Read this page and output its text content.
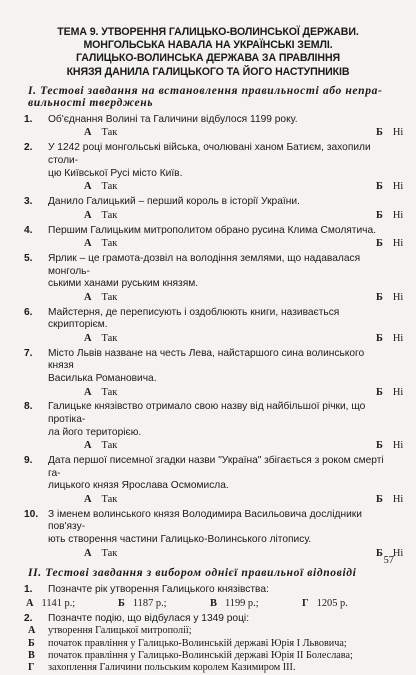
ТЕМА 9. УТВОРЕННЯ ГАЛИЦЬКО-ВОЛИНСЬКОЇ ДЕРЖАВИ.
МОНГОЛЬСЬКА НАВАЛА НА УКРАЇНСЬКІ ЗЕМЛІ.
ГАЛИЦЬКО-ВОЛИНСЬКА ДЕРЖАВА ЗА ПРАВЛІННЯ
КНЯЗЯ ДАНИЛА ГАЛИЦЬКОГО ТА ЙОГО НАСТУПНИКІВ
I. Тестові завдання на встановлення правильності або непра-
вильності тверджень
1.	Об'єднання Волині та Галичини відбулося 1199 року.
А Так	Б Ні
2.	У 1242 році монгольські війська, очолювані ханом Батиєм, захопили столи-
цю Київської Русі місто Київ.
А Так	Б Ні
3.	Данило Галицький – перший король в історії України.
А Так	Б Ні
4.	Першим Галицьким митрополитом обрано русина Клима Смолятича.
А Так	Б Ні
5.	Ярлик – це грамота-дозвіл на володіння землями, що надавалася монголь-
ськими ханами руським князям.
А Так	Б Ні
6.	Майстерня, де переписують і оздоблюють книги, називається скрипторієм.
А Так	Б Ні
7.	Місто Львів назване на честь Лева, найстаршого сина волинського князя
Василька Романовича.
А Так	Б Ні
8.	Галицьке князівство отримало свою назву від найбільшої річки, що протіка-
ла його територією.
А Так	Б Ні
9.	Дата першої писемної згадки назви "Україна" збігається з роком смерті га-
лицького князя Ярослава Осмомисла.
А Так	Б Ні
10. З іменем волинського князя Володимира Васильовича дослідники пов'язу-
ють створення частини Галицько-Волинського літопису.
А Так	Б Ні
II. Тестові завдання з вибором однієї правильної відповіді
1.	Позначте рік утворення Галицького князівства:
А 1141 р.;	Б 1187 р.;	В 1199 р.;	Г 1205 р.
2.	Позначте подію, що відбулася у 1349 році:
А	утворення Галицької митрополії;
Б	початок правління у Галицько-Волинській державі Юрія І Львовича;
В	початок правління у Галицько-Волинській державі Юрія ІІ Болеслава;
Г	захоплення Галичини польським королем Казимиром ІІІ.
57
